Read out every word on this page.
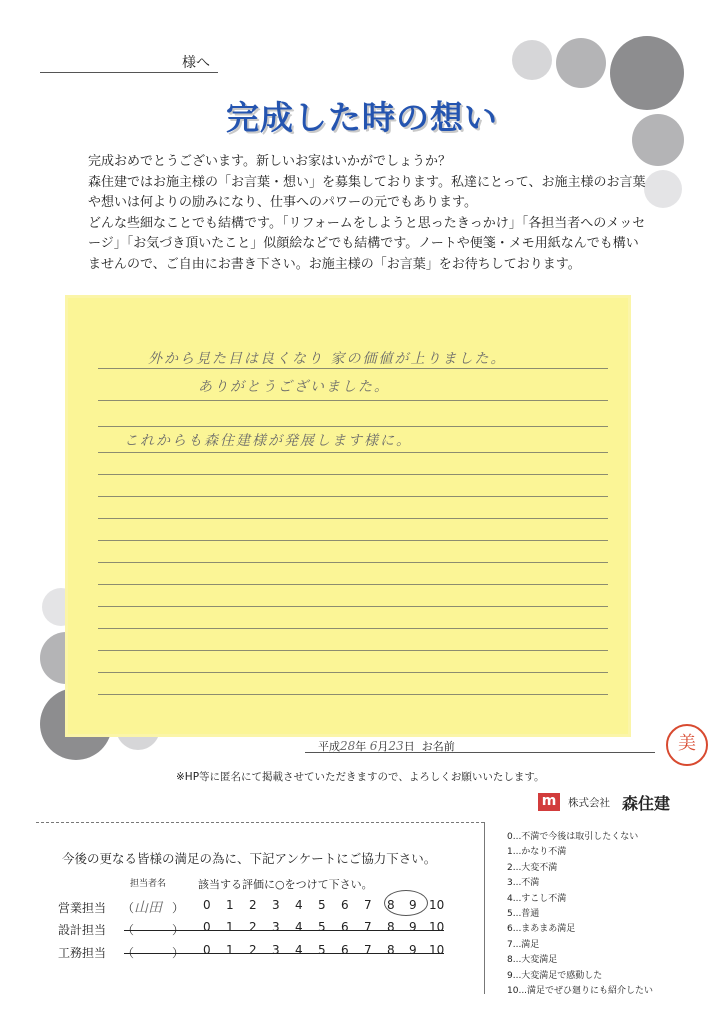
様へ
完成した時の想い

完成おめでとうございます。新しいお家はいかがでしょうか？

森住建ではお施主様の「お言葉・想い」を募集しております。私達にとって、お施主様のお言葉や想いは何よりの励みになり、仕事へのパワーの元でもあります。

どんな些細なことでも結構です。「リフォームをしようと思ったきっかけ」「各担当者へのメッセージ」「お気づき頂いたこと」似顔絵などでも結構です。ノートや便箋・メモ用紙なんでも構いませんので、ご自由にお書き下さい。お施主様の「お言葉」をお待ちしております。

外から見た目は良くなり 家の価値が上りました。
ありがとうございました。
これからも森住建様が発展します様に。
平成28年 6月23日 お名前	美
※HP等に匿名にて掲載させていただきますので、よろしくお願いいたします。
m	株式会社 森住建
今後の更なる皆様の満足の為に、下記アンケートにご協力下さい。
担当者名	該当する評価に○をつけて下さい。
営業担当 （ 山田 ） 0 1 2 3 4 5 6 7 8 9 10
設計担当 （	） 0 1 2 3 4 5 6 7 8 9 10
工務担当 （	） 0 1 2 3 4 5 6 7 8 9 10
0...不満で今後は取引したくない
1...かなり不満
2...大変不満
3...不満
4...すこし不満
5...普通
6...まあまあ満足
7...満足
8...大変満足
9...大変満足で感動した
10...満足でぜひ廻りにも紹介したい
